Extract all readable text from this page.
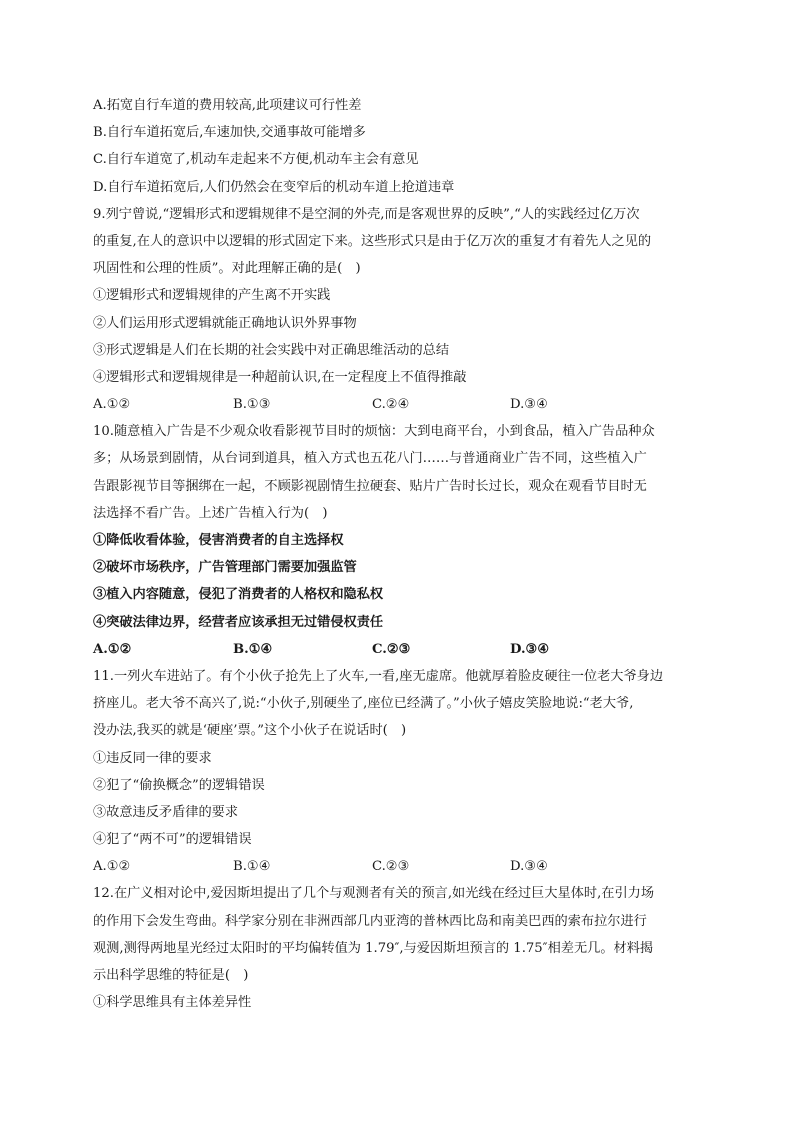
A.拓宽自行车道的费用较高,此项建议可行性差
B.自行车道拓宽后,车速加快,交通事故可能增多
C.自行车道宽了,机动车走起来不方便,机动车主会有意见
D.自行车道拓宽后,人们仍然会在变窄后的机动车道上抢道违章
9.列宁曾说,“逻辑形式和逻辑规律不是空洞的外壳,而是客观世界的反映”,“人的实践经过亿万次
的重复,在人的意识中以逻辑的形式固定下来。这些形式只是由于亿万次的重复才有着先人之见的
巩固性和公理的性质”。对此理解正确的是(　)
①逻辑形式和逻辑规律的产生离不开实践
②人们运用形式逻辑就能正确地认识外界事物
③形式逻辑是人们在长期的社会实践中对正确思维活动的总结
④逻辑形式和逻辑规律是一种超前认识,在一定程度上不值得推敲
A.①②	B.①③	C.②④	D.③④
10.随意植入广告是不少观众收看影视节目时的烦恼：大到电商平台，小到食品，植入广告品种众
多；从场景到剧情，从台词到道具，植入方式也五花八门……与普通商业广告不同，这些植入广
告跟影视节目等捆绑在一起，不顾影视剧情生拉硬套、贴片广告时长过长，观众在观看节目时无
法选择不看广告。上述广告植入行为(　)
①降低收看体验，侵害消费者的自主选择权
②破坏市场秩序，广告管理部门需要加强监管
③植入内容随意，侵犯了消费者的人格权和隐私权
④突破法律边界，经营者应该承担无过错侵权责任
A.①②	B.①④	C.②③	D.③④
11.一列火车进站了。有个小伙子抢先上了火车,一看,座无虚席。他就厚着脸皮硬往一位老大爷身边
挤座儿。老大爷不高兴了,说:“小伙子,别硬坐了,座位已经满了。”小伙子嬉皮笑脸地说:“老大爷,
没办法,我买的就是‘硬座’票。”这个小伙子在说话时(　)
①违反同一律的要求
②犯了“偷换概念”的逻辑错误
③故意违反矛盾律的要求
④犯了“两不可”的逻辑错误
A.①②	B.①④	C.②③	D.③④
12.在广义相对论中,爱因斯坦提出了几个与观测者有关的预言,如光线在经过巨大星体时,在引力场
的作用下会发生弯曲。科学家分别在非洲西部几内亚湾的普林西比岛和南美巴西的索布拉尔进行
观测,测得两地星光经过太阳时的平均偏转值为 1.79″,与爱因斯坦预言的 1.75″相差无几。材料揭
示出科学思维的特征是(　)
①科学思维具有主体差异性
